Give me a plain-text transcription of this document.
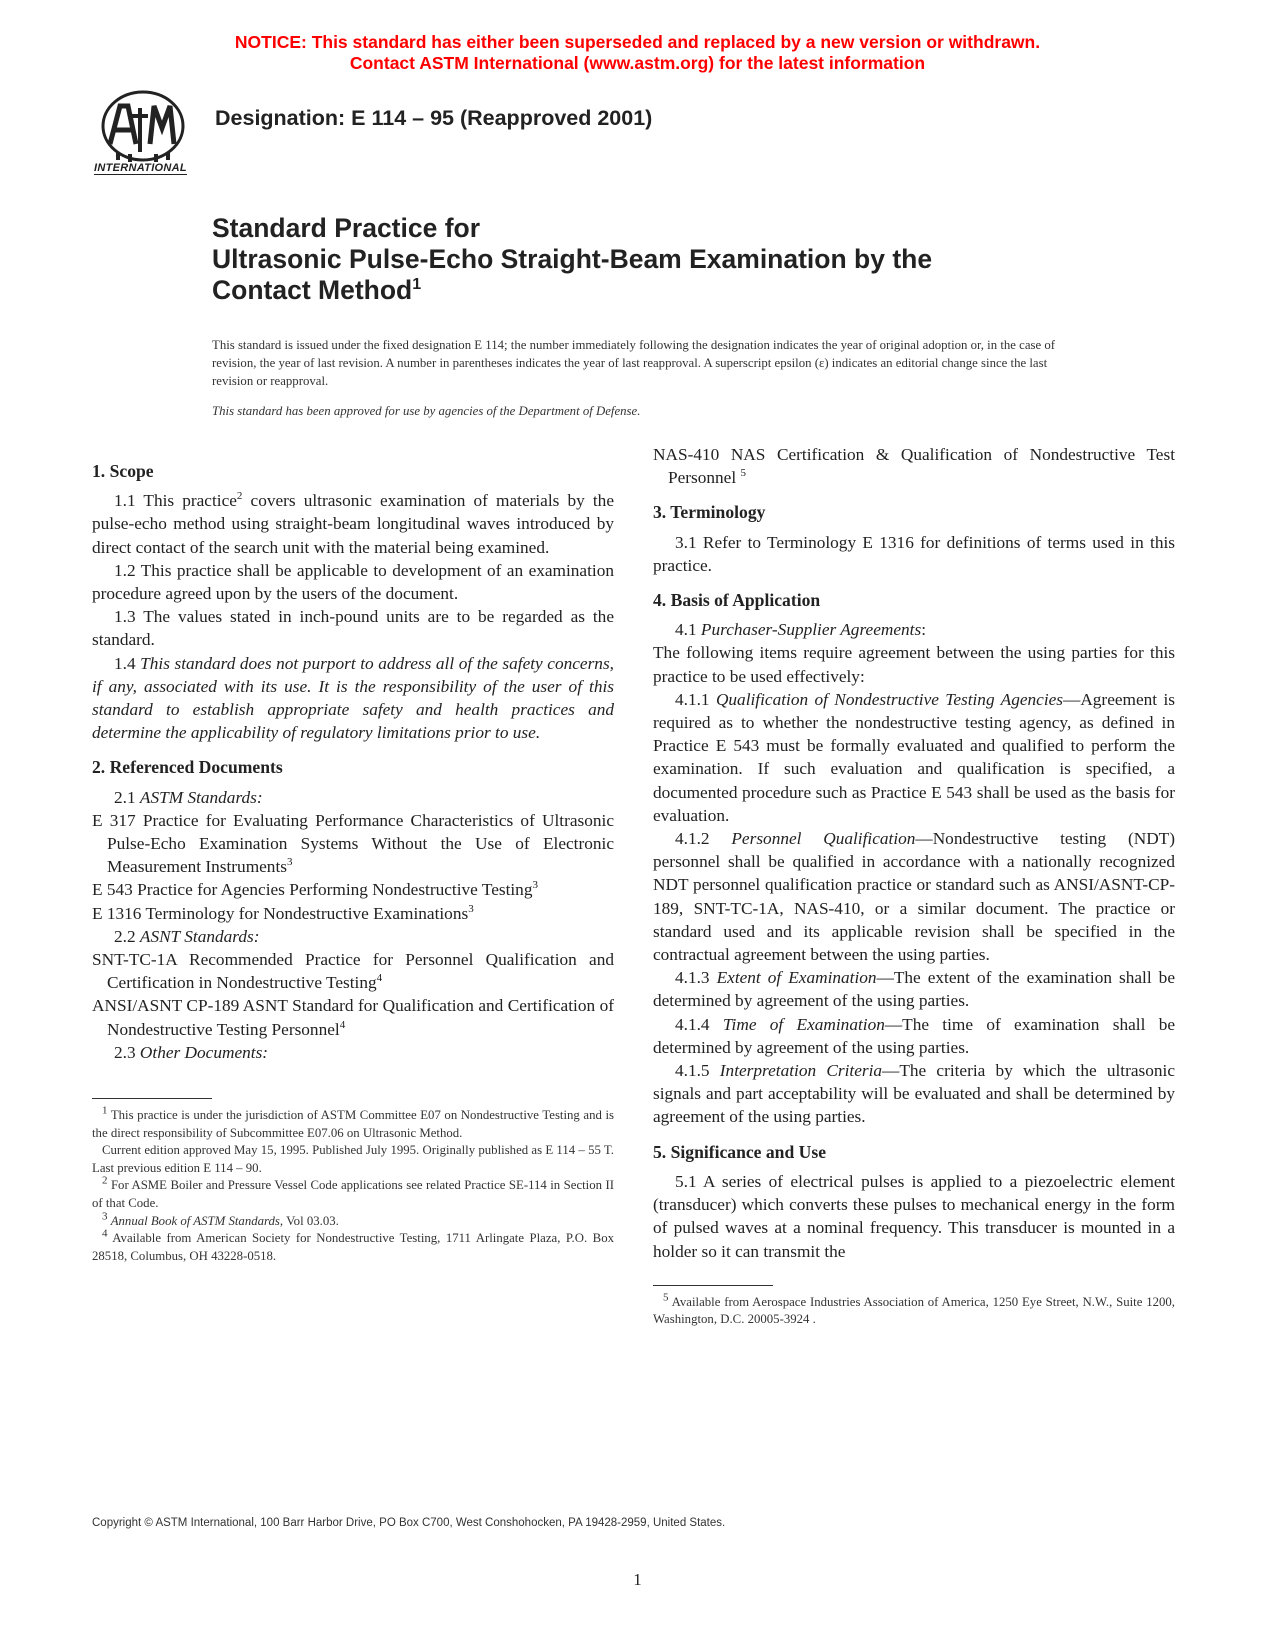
NOTICE: This standard has either been superseded and replaced by a new version or withdrawn.
Contact ASTM International (www.astm.org) for the latest information
INTERNATIONAL
Designation: E 114 – 95 (Reapproved 2001)
Standard Practice for
Ultrasonic Pulse-Echo Straight-Beam Examination by the
Contact Method$^1$
This standard is issued under the fixed designation E 114; the number immediately following the designation indicates the year of original adoption or, in the case of revision, the year of last revision. A number in parentheses indicates the year of last reapproval. A superscript epsilon (ε) indicates an editorial change since the last revision or reapproval.
This standard has been approved for use by agencies of the Department of Defense.
1. Scope

1.1 This practice$^2$ covers ultrasonic examination of materials by the pulse-echo method using straight-beam longitudinal waves introduced by direct contact of the search unit with the material being examined.

1.2 This practice shall be applicable to development of an examination procedure agreed upon by the users of the document.

1.3 The values stated in inch-pound units are to be regarded as the standard.

1.4 This standard does not purport to address all of the safety concerns, if any, associated with its use. It is the responsibility of the user of this standard to establish appropriate safety and health practices and determine the applicability of regulatory limitations prior to use.

2. Referenced Documents

2.1 ASTM Standards:

E 317 Practice for Evaluating Performance Characteristics of Ultrasonic Pulse-Echo Examination Systems Without the Use of Electronic Measurement Instruments$^3$

E 543 Practice for Agencies Performing Nondestructive Testing$^3$

E 1316 Terminology for Nondestructive Examinations$^3$

2.2 ASNT Standards:

SNT-TC-1A Recommended Practice for Personnel Qualification and Certification in Nondestructive Testing$^4$

ANSI/ASNT CP-189 ASNT Standard for Qualification and Certification of Nondestructive Testing Personnel$^4$

2.3 Other Documents:

$^1$ This practice is under the jurisdiction of ASTM Committee E07 on Nondestructive Testing and is the direct responsibility of Subcommittee E07.06 on Ultrasonic Method.

Current edition approved May 15, 1995. Published July 1995. Originally published as E 114 – 55 T. Last previous edition E 114 – 90.

$^2$ For ASME Boiler and Pressure Vessel Code applications see related Practice SE-114 in Section II of that Code.

$^3$ Annual Book of ASTM Standards, Vol 03.03.

$^4$ Available from American Society for Nondestructive Testing, 1711 Arlingate Plaza, P.O. Box 28518, Columbus, OH 43228-0518.

NAS-410 NAS Certification & Qualification of Nondestructive Test Personnel $^5$

3. Terminology

3.1 Refer to Terminology E 1316 for definitions of terms used in this practice.

4. Basis of Application

4.1 Purchaser-Supplier Agreements:

The following items require agreement between the using parties for this practice to be used effectively:

4.1.1 Qualification of Nondestructive Testing Agencies—Agreement is required as to whether the nondestructive testing agency, as defined in Practice E 543 must be formally evaluated and qualified to perform the examination. If such evaluation and qualification is specified, a documented procedure such as Practice E 543 shall be used as the basis for evaluation.

4.1.2 Personnel Qualification—Nondestructive testing (NDT) personnel shall be qualified in accordance with a nationally recognized NDT personnel qualification practice or standard such as ANSI/ASNT-CP-189, SNT-TC-1A, NAS-410, or a similar document. The practice or standard used and its applicable revision shall be specified in the contractual agreement between the using parties.

4.1.3 Extent of Examination—The extent of the examination shall be determined by agreement of the using parties.

4.1.4 Time of Examination—The time of examination shall be determined by agreement of the using parties.

4.1.5 Interpretation Criteria—The criteria by which the ultrasonic signals and part acceptability will be evaluated and shall be determined by agreement of the using parties.

5. Significance and Use

5.1 A series of electrical pulses is applied to a piezoelectric element (transducer) which converts these pulses to mechanical energy in the form of pulsed waves at a nominal frequency. This transducer is mounted in a holder so it can transmit the

$^5$ Available from Aerospace Industries Association of America, 1250 Eye Street, N.W., Suite 1200, Washington, D.C. 20005-3924 .

Copyright © ASTM International, 100 Barr Harbor Drive, PO Box C700, West Conshohocken, PA 19428-2959, United States.
1
